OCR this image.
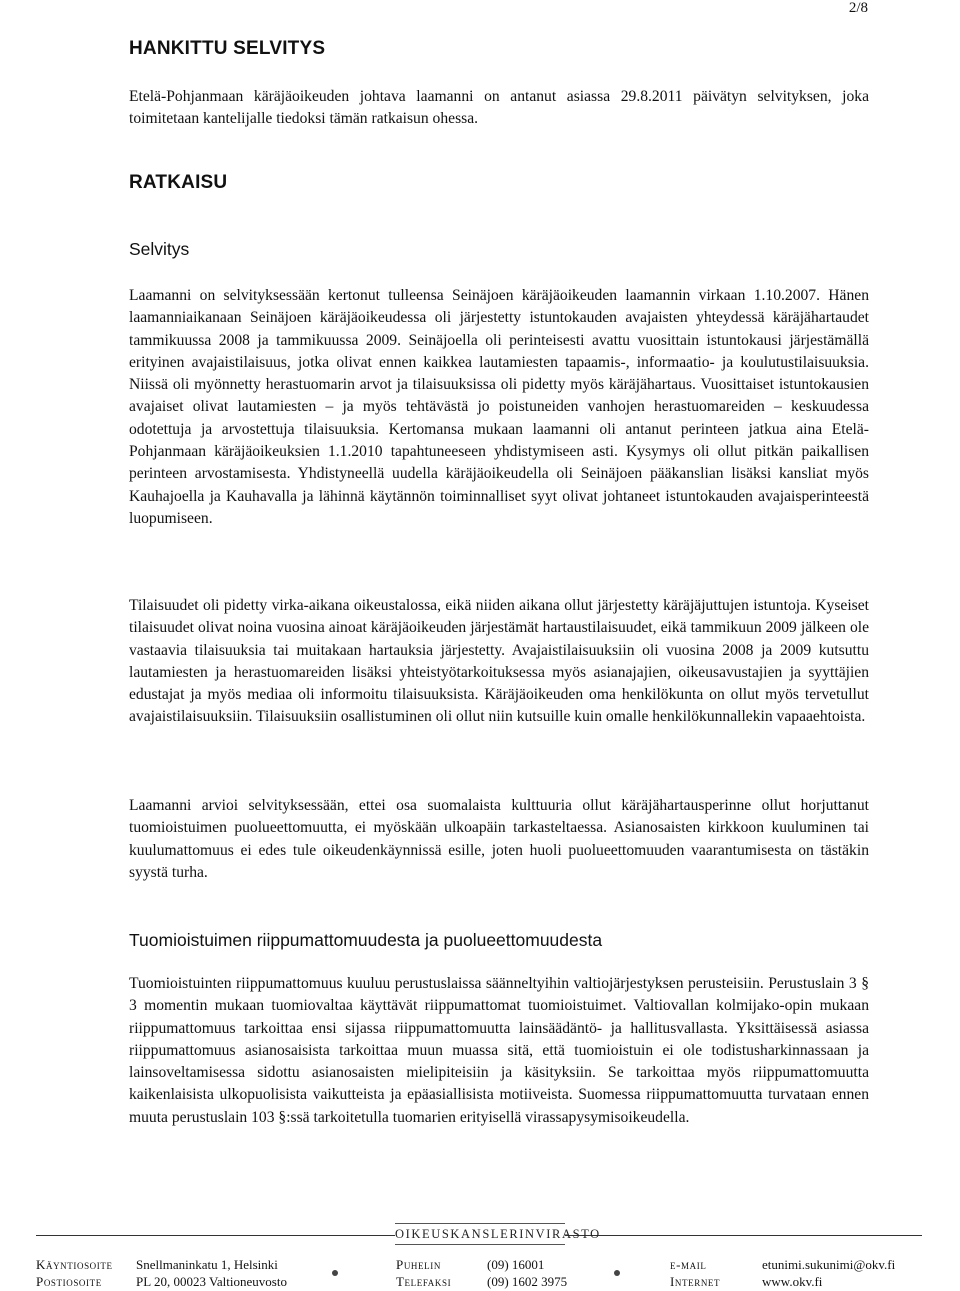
2/8
HANKITTU SELVITYS
Etelä-Pohjanmaan käräjäoikeuden johtava laamanni on antanut asiassa 29.8.2011 päivätyn selvityksen, joka toimitetaan kantelijalle tiedoksi tämän ratkaisun ohessa.
RATKAISU
Selvitys
Laamanni on selvityksessään kertonut tulleensa Seinäjoen käräjäoikeuden laamannin virkaan 1.10.2007. Hänen laamanniaikanaan Seinäjoen käräjäoikeudessa oli järjestetty istuntokauden avajaisten yhteydessä käräjähartaudet tammikuussa 2008 ja tammikuussa 2009. Seinäjoella oli perinteisesti avattu vuosittain istuntokausi järjestämällä erityinen avajaistilaisuus, jotka olivat ennen kaikkea lautamiesten tapaamis-, informaatio- ja koulutustilaisuuksia. Niissä oli myönnetty herastuomarin arvot ja tilaisuuksissa oli pidetty myös käräjähartaus. Vuosittaiset istuntokausien avajaiset olivat lautamiesten – ja myös tehtävästä jo poistuneiden vanhojen herastuomareiden – keskuudessa odotettuja ja arvostettuja tilaisuuksia. Kertomansa mukaan laamanni oli antanut perinteen jatkua aina Etelä-Pohjanmaan käräjäoikeuksien 1.1.2010 tapahtuneeseen yhdistymiseen asti. Kysymys oli ollut pitkän paikallisen perinteen arvostamisesta. Yhdistyneellä uudella käräjäoikeudella oli Seinäjoen pääkanslian lisäksi kansliat myös Kauhajoella ja Kauhavalla ja lähinnä käytännön toiminnalliset syyt olivat johtaneet istuntokauden avajaisperinteestä luopumiseen.
Tilaisuudet oli pidetty virka-aikana oikeustalossa, eikä niiden aikana ollut järjestetty käräjäjuttujen istuntoja. Kyseiset tilaisuudet olivat noina vuosina ainoat käräjäoikeuden järjestämät hartaustilaisuudet, eikä tammikuun 2009 jälkeen ole vastaavia tilaisuuksia tai muitakaan hartauksia järjestetty. Avajaistilaisuuksiin oli vuosina 2008 ja 2009 kutsuttu lautamiesten ja herastuomareiden lisäksi yhteistyötarkoituksessa myös asianajajien, oikeusavustajien ja syyttäjien edustajat ja myös mediaa oli informoitu tilaisuuksista. Käräjäoikeuden oma henkilökunta on ollut myös tervetullut avajaistilaisuuksiin. Tilaisuuksiin osallistuminen oli ollut niin kutsuille kuin omalle henkilökunnallekin vapaaehtoista.
Laamanni arvioi selvityksessään, ettei osa suomalaista kulttuuria ollut käräjähartausperinne ollut horjuttanut tuomioistuimen puolueettomuutta, ei myöskään ulkoapäin tarkasteltaessa. Asianosaisten kirkkoon kuuluminen tai kuulumattomuus ei edes tule oikeudenkäynnissä esille, joten huoli puolueettomuuden vaarantumisesta on tästäkin syystä turha.
Tuomioistuimen riippumattomuudesta ja puolueettomuudesta
Tuomioistuinten riippumattomuus kuuluu perustuslaissa säänneltyihin valtiojärjestyksen perusteisiin. Perustuslain 3 § 3 momentin mukaan tuomiovaltaa käyttävät riippumattomat tuomioistuimet. Valtiovallan kolmijako-opin mukaan riippumattomuus tarkoittaa ensi sijassa riippumattomuutta lainsäädäntö- ja hallitusvallasta. Yksittäisessä asiassa riippumattomuus asianosaisista tarkoittaa muun muassa sitä, että tuomioistuin ei ole todistusharkinnassaan ja lainsoveltamisessa sidottu asianosaisten mielipiteisiin ja käsityksiin. Se tarkoittaa myös riippumattomuutta kaikenlaisista ulkopuolisista vaikutteista ja epäasiallisista motiiveista. Suomessa riippumattomuutta turvataan ennen muuta perustuslain 103 §:ssä tarkoitetulla tuomarien erityisellä virassapysymisoikeudella.
OIKEUSKANSLERINVIRASTO
Käyntiosoite Snellmaninkatu 1, Helsinki
Postiosoite	PL 20, 00023 Valtioneuvosto
Puhelin	(09) 16001
Telefaksi	(09) 1602 3975
e-mail	etunimi.sukunimi@okv.fi
Internet	www.okv.fi
